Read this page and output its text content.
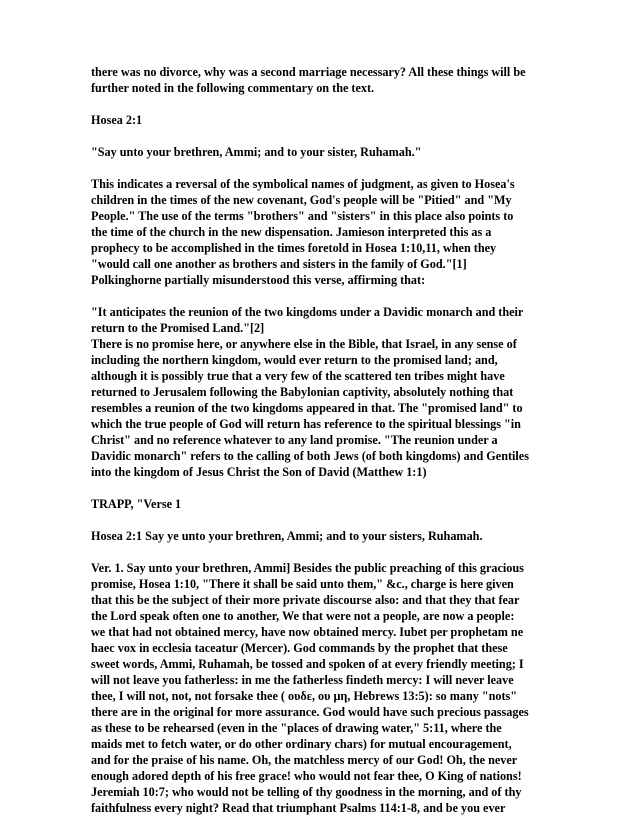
there was no divorce, why was a second marriage necessary? All these things will be
further noted in the following commentary on the text.
Hosea 2:1
"Say unto your brethren, Ammi; and to your sister, Ruhamah."
This indicates a reversal of the symbolical names of judgment, as given to Hosea's
children in the times of the new covenant, God's people will be "Pitied" and "My
People." The use of the terms "brothers" and "sisters" in this place also points to
the time of the church in the new dispensation. Jamieson interpreted this as a
prophecy to be accomplished in the times foretold in Hosea 1:10,11, when they
"would call one another as brothers and sisters in the family of God."[1]
Polkinghorne partially misunderstood this verse, affirming that:
"It anticipates the reunion of the two kingdoms under a Davidic monarch and their
return to the Promised Land."[2]
There is no promise here, or anywhere else in the Bible, that Israel, in any sense of
including the northern kingdom, would ever return to the promised land; and,
although it is possibly true that a very few of the scattered ten tribes might have
returned to Jerusalem following the Babylonian captivity, absolutely nothing that
resembles a reunion of the two kingdoms appeared in that. The "promised land" to
which the true people of God will return has reference to the spiritual blessings "in
Christ" and no reference whatever to any land promise. "The reunion under a
Davidic monarch" refers to the calling of both Jews (of both kingdoms) and Gentiles
into the kingdom of Jesus Christ the Son of David (Matthew 1:1)
TRAPP, "Verse 1
Hosea 2:1 Say ye unto your brethren, Ammi; and to your sisters, Ruhamah.
Ver. 1. Say unto your brethren, Ammi] Besides the public preaching of this gracious
promise, Hosea 1:10, "There it shall be said unto them," &c., charge is here given
that this be the subject of their more private discourse also: and that they that fear
the Lord speak often one to another, We that were not a people, are now a people:
we that had not obtained mercy, have now obtained mercy. Iubet per prophetam ne
haec vox in ecclesia taceatur (Mercer). God commands by the prophet that these
sweet words, Ammi, Ruhamah, be tossed and spoken of at every friendly meeting; I
will not leave you fatherless: in me the fatherless findeth mercy: I will never leave
thee, I will not, not, not forsake thee ( ουδε, ου μη, Hebrews 13:5): so many "nots"
there are in the original for more assurance. God would have such precious passages
as these to be rehearsed (even in the "places of drawing water," 5:11, where the
maids met to fetch water, or do other ordinary chars) for mutual encouragement,
and for the praise of his name. Oh, the matchless mercy of our God! Oh, the never
enough adored depth of his free grace! who would not fear thee, O King of nations!
Jeremiah 10:7; who would not be telling of thy goodness in the morning, and of thy
faithfulness every night? Read that triumphant Psalms 114:1-8, and be you ever
